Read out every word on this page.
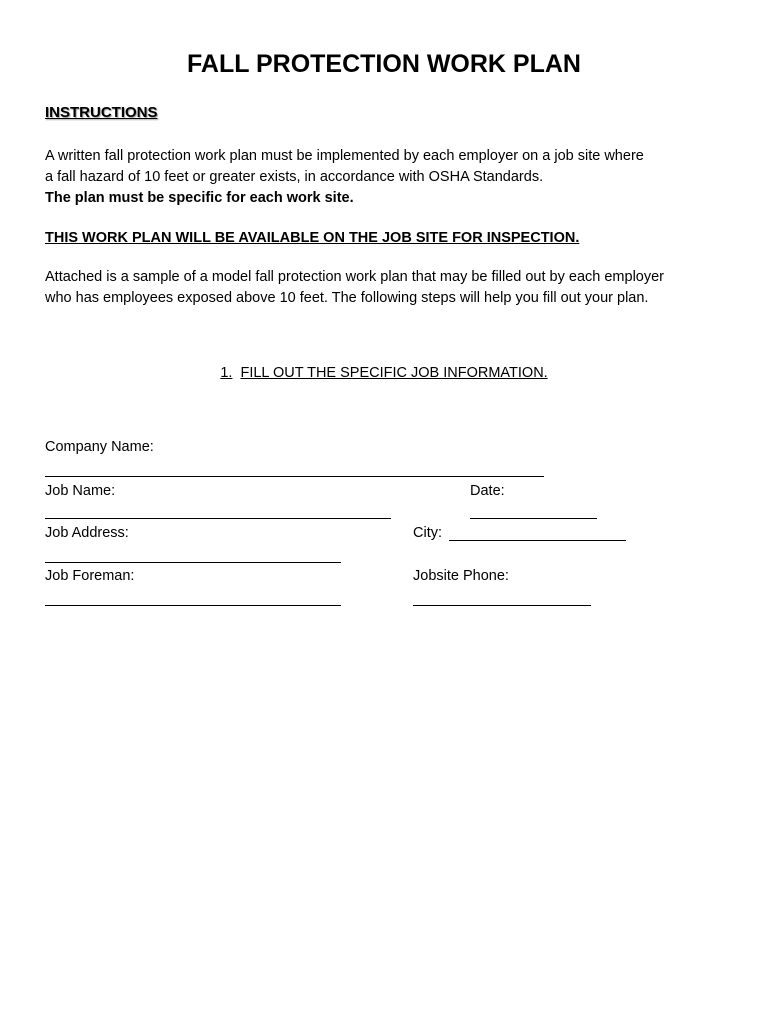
FALL PROTECTION WORK PLAN
INSTRUCTIONS
A written fall protection work plan must be implemented by each employer on a job site where
a fall hazard of 10 feet or greater exists, in accordance with OSHA Standards.
The plan must be specific for each work site.
THIS WORK PLAN WILL BE AVAILABLE ON THE JOB SITE FOR INSPECTION.
Attached is a sample of a model fall protection work plan that may be filled out by each employer
who has employees exposed above 10 feet. The following steps will help you fill out your plan.
1. FILL OUT THE SPECIFIC JOB INFORMATION.
Company Name:
Job Name:	Date:
Job Address:	City:
Job Foreman:	Jobsite Phone:
